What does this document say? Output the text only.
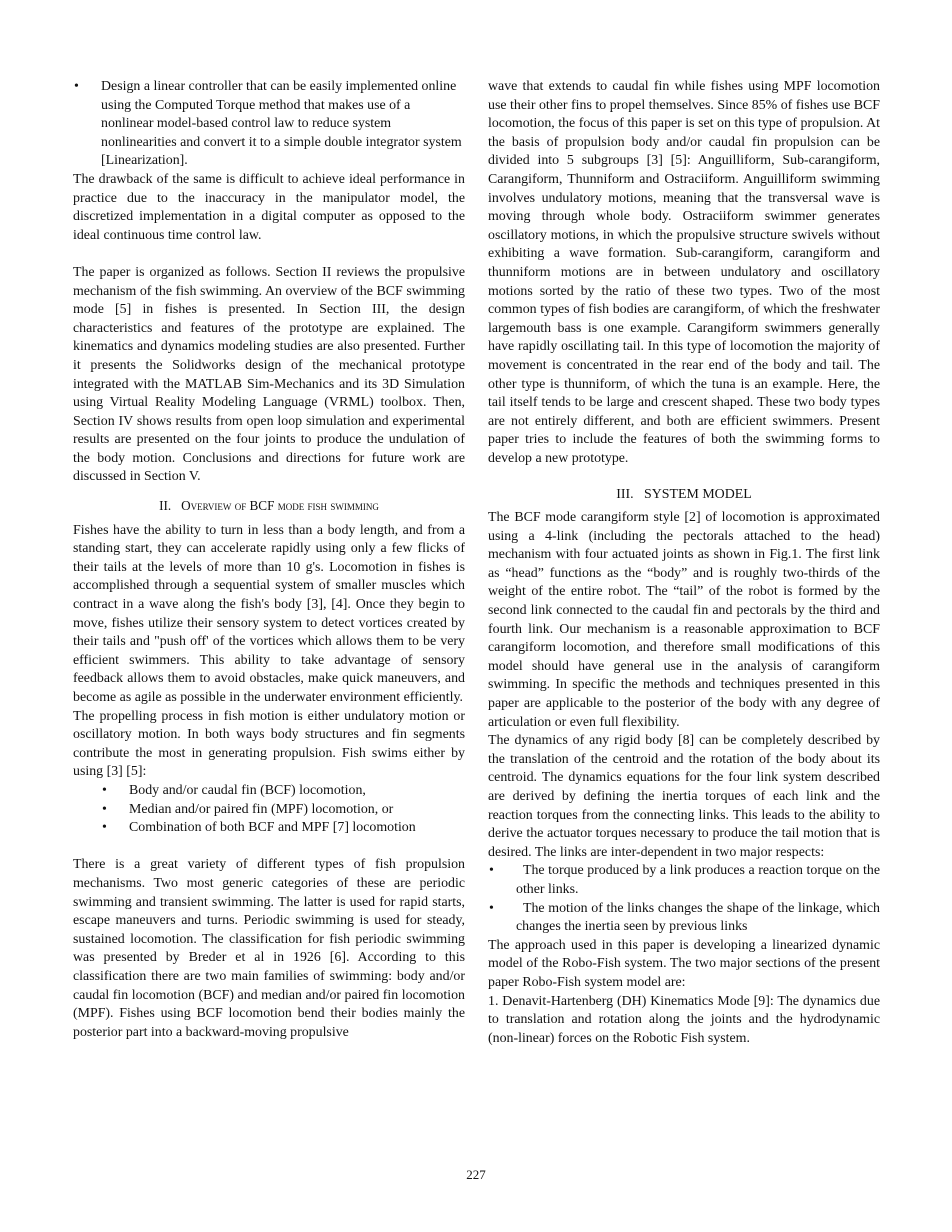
• Design a linear controller that can be easily implemented online using the Computed Torque method that makes use of a nonlinear model-based control law to reduce system nonlinearities and convert it to a simple double integrator system [Linearization].

The drawback of the same is difficult to achieve ideal performance in practice due to the inaccuracy in the manipulator model, the discretized implementation in a digital computer as opposed to the ideal continuous time control law.

The paper is organized as follows. Section II reviews the propulsive mechanism of the fish swimming. An overview of the BCF swimming mode [5] in fishes is presented. In Section III, the design characteristics and features of the prototype are explained. The kinematics and dynamics modeling studies are also presented. Further it presents the Solidworks design of the mechanical prototype integrated with the MATLAB Sim-Mechanics and its 3D Simulation using Virtual Reality Modeling Language (VRML) toolbox. Then, Section IV shows results from open loop simulation and experimental results are presented on the four joints to produce the undulation of the body motion. Conclusions and directions for future work are discussed in Section V.

II. Overview of BCF mode fish swimming

Fishes have the ability to turn in less than a body length, and from a standing start, they can accelerate rapidly using only a few flicks of their tails at the levels of more than 10 g's. Locomotion in fishes is accomplished through a sequential system of smaller muscles which contract in a wave along the fish's body [3], [4]. Once they begin to move, fishes utilize their sensory system to detect vortices created by their tails and "push off' of the vortices which allows them to be very efficient swimmers. This ability to take advantage of sensory feedback allows them to avoid obstacles, make quick maneuvers, and become as agile as possible in the underwater environment efficiently.

The propelling process in fish motion is either undulatory motion or oscillatory motion. In both ways body structures and fin segments contribute the most in generating propulsion. Fish swims either by using [3] [5]:

• Body and/or caudal fin (BCF) locomotion,
• Median and/or paired fin (MPF) locomotion, or
• Combination of both BCF and MPF [7] locomotion

There is a great variety of different types of fish propulsion mechanisms. Two most generic categories of these are periodic swimming and transient swimming. The latter is used for rapid starts, escape maneuvers and turns. Periodic swimming is used for steady, sustained locomotion. The classification for fish periodic swimming was presented by Breder et al in 1926 [6]. According to this classification there are two main families of swimming: body and/or caudal fin locomotion (BCF) and median and/or paired fin locomotion (MPF). Fishes using BCF locomotion bend their bodies mainly the posterior part into a backward-moving propulsive

wave that extends to caudal fin while fishes using MPF locomotion use their other fins to propel themselves. Since 85% of fishes use BCF locomotion, the focus of this paper is set on this type of propulsion. At the basis of propulsion body and/or caudal fin propulsion can be divided into 5 subgroups [3] [5]: Anguilliform, Sub-carangiform, Carangiform, Thunniform and Ostraciiform. Anguilliform swimming involves undulatory motions, meaning that the transversal wave is moving through whole body. Ostraciiform swimmer generates oscillatory motions, in which the propulsive structure swivels without exhibiting a wave formation. Sub-carangiform, carangiform and thunniform motions are in between undulatory and oscillatory motions sorted by the ratio of these two types. Two of the most common types of fish bodies are carangiform, of which the freshwater largemouth bass is one example. Carangiform swimmers generally have rapidly oscillating tail. In this type of locomotion the majority of movement is concentrated in the rear end of the body and tail. The other type is thunniform, of which the tuna is an example. Here, the tail itself tends to be large and crescent shaped. These two body types are not entirely different, and both are efficient swimmers. Present paper tries to include the features of both the swimming forms to develop a new prototype.

III. SYSTEM MODEL

The BCF mode carangiform style [2] of locomotion is approximated using a 4-link (including the pectorals attached to the head) mechanism with four actuated joints as shown in Fig.1. The first link as “head” functions as the “body” and is roughly two-thirds of the weight of the entire robot. The “tail” of the robot is formed by the second link connected to the caudal fin and pectorals by the third and fourth link. Our mechanism is a reasonable approximation to BCF carangiform locomotion, and therefore small modifications of this model should have general use in the analysis of carangiform swimming. In specific the methods and techniques presented in this paper are applicable to the posterior of the body with any degree of articulation or even full flexibility.

The dynamics of any rigid body [8] can be completely described by the translation of the centroid and the rotation of the body about its centroid. The dynamics equations for the four link system described are derived by defining the inertia torques of each link and the reaction torques from the connecting links. This leads to the ability to derive the actuator torques necessary to produce the tail motion that is desired. The links are inter-dependent in two major respects:

• The torque produced by a link produces a reaction torque on the other links.
• The motion of the links changes the shape of the linkage, which changes the inertia seen by previous links

The approach used in this paper is developing a linearized dynamic model of the Robo-Fish system. The two major sections of the present paper Robo-Fish system model are:

1. Denavit-Hartenberg (DH) Kinematics Mode [9]: The dynamics due to translation and rotation along the joints and the hydrodynamic (non-linear) forces on the Robotic Fish system.

227
